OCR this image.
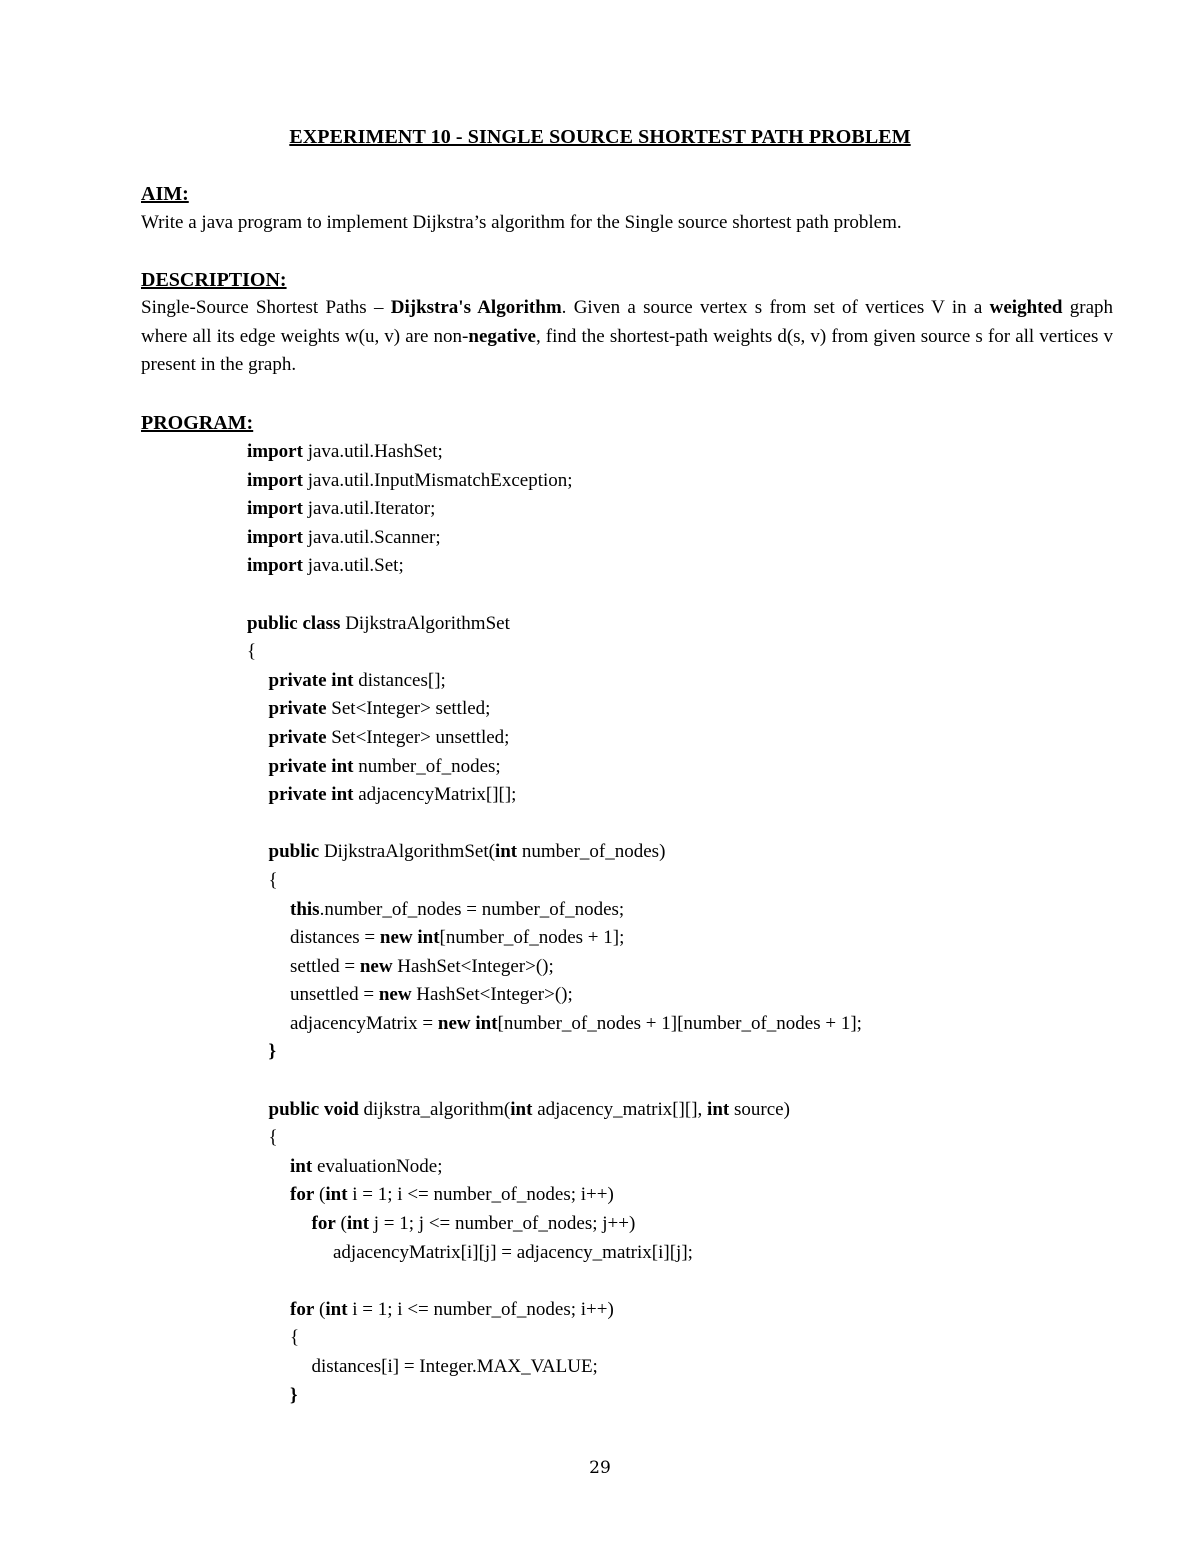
EXPERIMENT 10 - SINGLE SOURCE SHORTEST PATH PROBLEM
AIM:
Write a java program to implement Dijkstra’s algorithm for the Single source shortest path problem.
DESCRIPTION:
Single-Source Shortest Paths – Dijkstra's Algorithm. Given a source vertex s from set of vertices V in a weighted graph where all its edge weights w(u, v) are non-negative, find the shortest-path weights d(s, v) from given source s for all vertices v present in the graph.
PROGRAM:
import java.util.HashSet;
import java.util.InputMismatchException;
import java.util.Iterator;
import java.util.Scanner;
import java.util.Set;
public class DijkstraAlgorithmSet
{
private int distances[];
private Set<Integer> settled;
private Set<Integer> unsettled;
private int number_of_nodes;
private int adjacencyMatrix[][];
public DijkstraAlgorithmSet(int number_of_nodes)
{
this.number_of_nodes = number_of_nodes;
distances = new int[number_of_nodes + 1];
settled = new HashSet<Integer>();
unsettled = new HashSet<Integer>();
adjacencyMatrix = new int[number_of_nodes + 1][number_of_nodes + 1];
}
public void dijkstra_algorithm(int adjacency_matrix[][], int source)
{
int evaluationNode;
for (int i = 1; i <= number_of_nodes; i++)
for (int j = 1; j <= number_of_nodes; j++)
adjacencyMatrix[i][j] = adjacency_matrix[i][j];
for (int i = 1; i <= number_of_nodes; i++)
{
distances[i] = Integer.MAX_VALUE;
}
29
